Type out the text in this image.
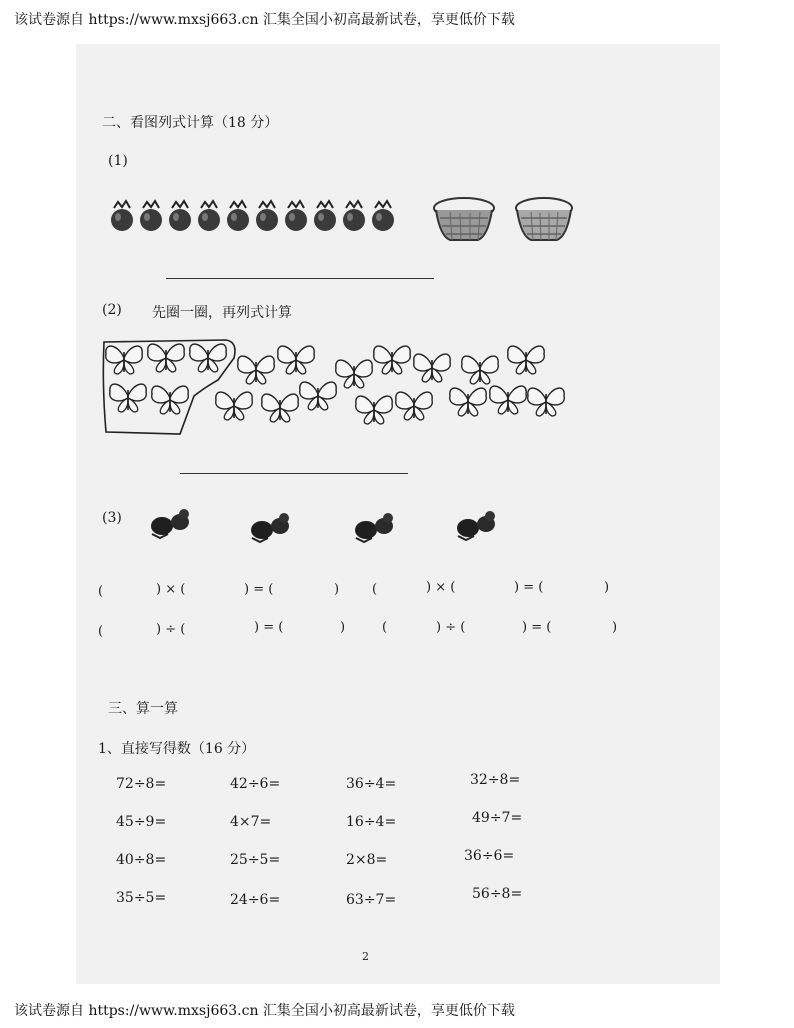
该试卷源自 https://www.mxsj663.cn 汇集全国小初高最新试卷，享更低价下载
二、看图列式计算（18 分）
(1)
(2) 先圈一圈，再列式计算
(3)
(	) × (	) = (	)	(	) × (	) = (	)
(	) ÷ (	) = (	)	(	) ÷ (	) = (	)
三、算一算
1、直接写得数（16 分）
72÷8=	42÷6=	36÷4=	32÷8=
45÷9=	4×7=	16÷4=	49÷7=
40÷8=	25÷5=	2×8=	36÷6=
35÷5=	24÷6=	63÷7=	56÷8=
2
该试卷源自 https://www.mxsj663.cn 汇集全国小初高最新试卷，享更低价下载
